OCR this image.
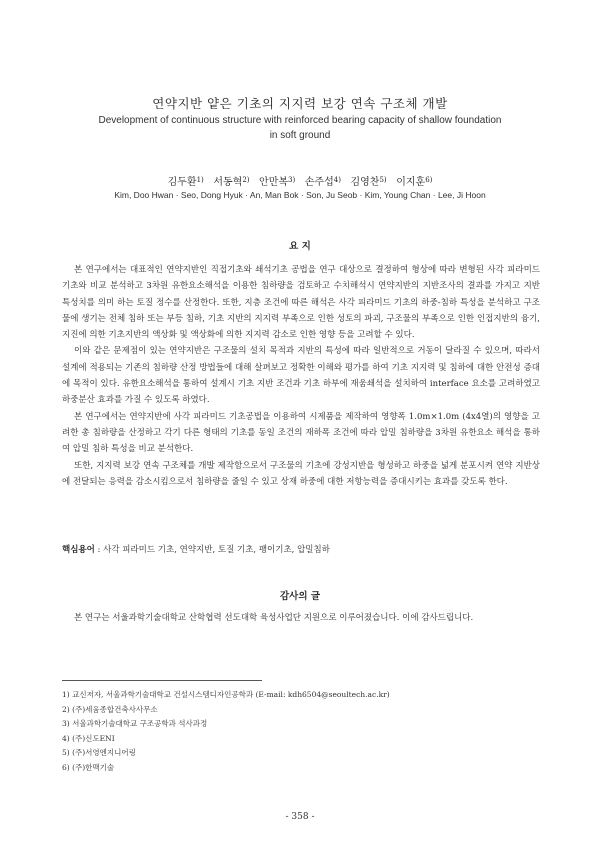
연약지반 얕은 기초의 지지력 보강 연속 구조체 개발
Development of continuous structure with reinforced bearing capacity of shallow foundation
in soft ground
김두환$^{1)}$ 서동혁$^{2)}$ 안만복$^{3)}$ 손주섭$^{4)}$ 김영찬$^{5)}$ 이지훈$^{6)}$
Kim, Doo Hwan · Seo, Dong Hyuk · An, Man Bok · Son, Ju Seob · Kim, Young Chan · Lee, Ji Hoon
요 지

본 연구에서는 대표적인 연약지반인 직접기초와 쇄석기초 공법을 연구 대상으로 결정하여 형상에 따라 변형된 사각 피라미드 기초와 비교 분석하고 3차원 유한요소해석을 이용한 침하량을 검토하고 수치해석시 연약지반의 지반조사의 결과를 가지고 지반 특성치를 의미 하는 토질 정수를 산정한다. 또한, 지층 조건에 따른 해석은 사각 피라미드 기초의 하중-침하 특성을 분석하고 구조물에 생기는 전체 침하 또는 부등 침하, 기초 지반의 지지력 부족으로 인한 성토의 파괴, 구조물의 부족으로 인한 인접지반의 융기, 지진에 의한 기초지반의 액상화 및 액상화에 의한 지지력 감소로 인한 영향 등을 고려할 수 있다.

이와 같은 문제점이 있는 연약지반은 구조물의 설치 목적과 지반의 특성에 따라 일반적으로 거동이 달라질 수 있으며, 따라서 설계에 적용되는 기존의 침하량 산정 방법들에 대해 살펴보고 정확한 이해와 평가를 하여 기초 지지력 및 침하에 대한 안전성 증대에 목적이 있다. 유한요소해석을 통하여 설계시 기초 지반 조건과 기초 하부에 재움쇄석을 설치하여 interface 요소를 고려하였고 하중분산 효과를 가질 수 있도록 하였다.

본 연구에서는 연약지반에 사각 피라미드 기초공법을 이용하여 시제품을 제작하여 영향폭 1.0m×1.0m (4x4열)의 영향을 고려한 총 침하량을 산정하고 각기 다른 형태의 기초를 동일 조건의 재하폭 조건에 따라 압밀 침하량을 3차원 유한요소 해석을 통하여 압밀 침하 특성을 비교 분석한다.

또한, 지지력 보강 연속 구조체를 개발 제작함으로서 구조물의 기초에 강성지반을 형성하고 하중을 넓게 분포시켜 연약 지반상에 전달되는 응력을 감소시킴으로서 침하량을 줄일 수 있고 상재 하중에 대한 저항능력을 증대시키는 효과를 갖도록 한다.

핵심용어 : 사각 피라미드 기초, 연약지반, 토질 기초, 팽이기초, 압밀침하
감사의 글
본 연구는 서울과학기술대학교 산학협력 선도대학 육성사업단 지원으로 이루어졌습니다. 이에 감사드립니다.
1) 교신저자, 서울과학기술대학교 건설시스템디자인공학과 (E-mail: kdh6504@seoultech.ac.kr)
2) (주)세움종합건축사사무소
3) 서울과학기술대학교 구조공학과 석사과정
4) (주)신도ENI
5) (주)서영엔지니어링
6) (주)한맥기술
- 358 -
